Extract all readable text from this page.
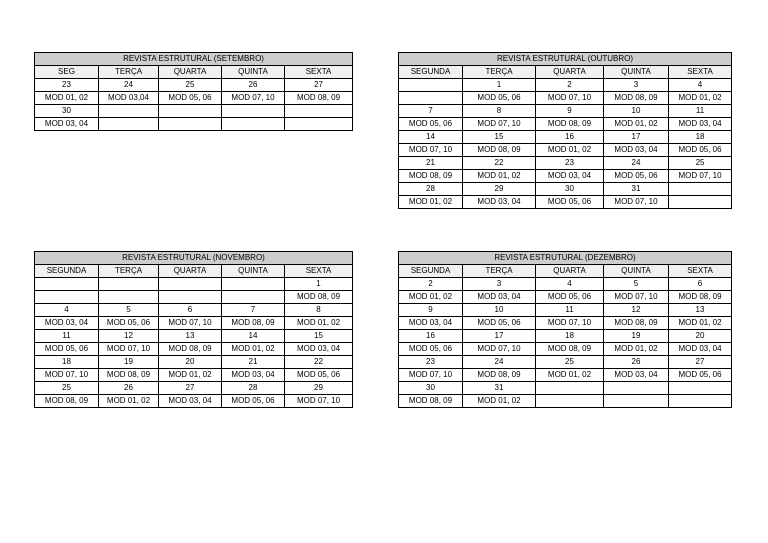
REVISTA ESTRUTURAL (SETEMBRO)				
SEG	TERÇA	QUARTA	QUINTA	SEXTA
23	24	25	26	27
MOD 01, 02	MOD 03,04	MOD 05, 06	MOD 07, 10	MOD 08, 09
30				
MOD 03, 04				
REVISTA ESTRUTURAL (OUTUBRO)				
SEGUNDA	TERÇA	QUARTA	QUINTA	SEXTA
	1	2	3	4
	MOD 05, 06	MOD 07, 10	MOD 08, 09	MOD 01, 02
7	8	9	10	11
MOD 05, 06	MOD 07, 10	MOD 08, 09	MOD 01, 02	MOD 03, 04
14	15	16	17	18
MOD 07, 10	MOD 08, 09	MOD 01, 02	MOD 03, 04	MOD 05, 06
21	22	23	24	25
MOD 08, 09	MOD 01, 02	MOD 03, 04	MOD 05, 06	MOD 07, 10
28	29	30	31	
MOD 01, 02	MOD 03, 04	MOD 05, 06	MOD 07, 10	
REVISTA ESTRUTURAL (NOVEMBRO)				
SEGUNDA	TERÇA	QUARTA	QUINTA	SEXTA
				1
				MOD 08, 09
4	5	6	7	8
MOD 03, 04	MOD 05, 06	MOD 07, 10	MOD 08, 09	MOD 01, 02
11	12	13	14	15
MOD 05, 06	MOD 07, 10	MOD 08, 09	MOD 01, 02	MOD 03, 04
18	19	20	21	22
MOD 07, 10	MOD 08, 09	MOD 01, 02	MOD 03, 04	MOD 05, 06
25	26	27	28	29
MOD 08, 09	MOD 01, 02	MOD 03, 04	MOD 05, 06	MOD 07, 10
REVISTA ESTRUTURAL (DEZEMBRO)				
SEGUNDA	TERÇA	QUARTA	QUINTA	SEXTA
2	3	4	5	6
MOD 01, 02	MOD 03, 04	MOD 05, 06	MOD 07, 10	MOD 08, 09
9	10	11	12	13
MOD 03, 04	MOD 05, 06	MOD 07, 10	MOD 08, 09	MOD 01, 02
16	17	18	19	20
MOD 05, 06	MOD 07, 10	MOD 08, 09	MOD 01, 02	MOD 03, 04
23	24	25	26	27
MOD 07, 10	MOD 08, 09	MOD 01, 02	MOD 03, 04	MOD 05, 06
30	31			
MOD 08, 09	MOD 01, 02			
